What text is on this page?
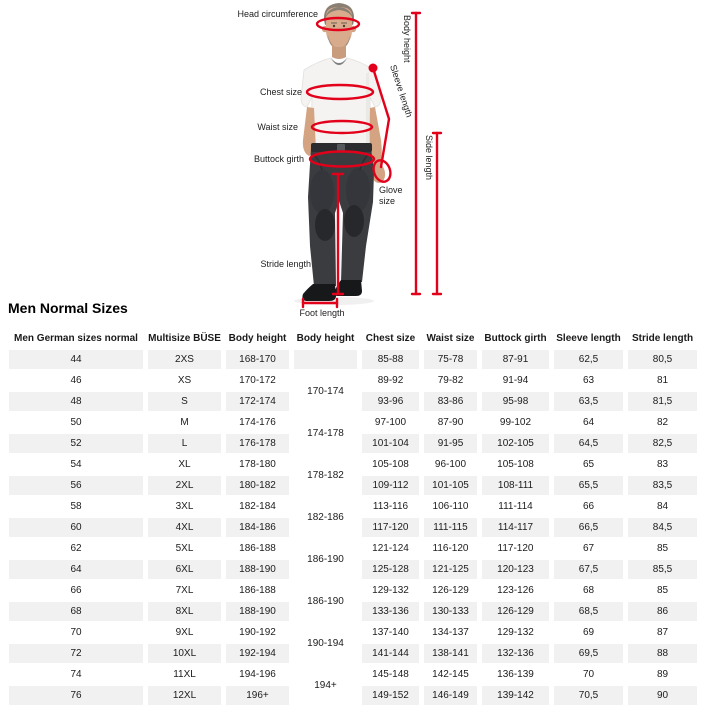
Head circumference
Chest size
Waist size
Buttock girth
Glove
size
Stride length
Foot length
Body height
Side length
Sleeve length
Men Normal Sizes
Men German sizes normal	Multisize BÜSE	Body height	Body height	Chest size	Waist size	Buttock girth	Sleeve length	Stride length
44	2XS	168-170		85-88	75-78	87-91	62,5	80,5
46	XS	170-172	170-174	89-92	79-82	91-94	63	81
48	S	172-174		93-96	83-86	95-98	63,5	81,5
50	M	174-176	174-178	97-100	87-90	99-102	64	82
52	L	176-178		101-104	91-95	102-105	64,5	82,5
54	XL	178-180	178-182	105-108	96-100	105-108	65	83
56	2XL	180-182		109-112	101-105	108-111	65,5	83,5
58	3XL	182-184	182-186	113-116	106-110	111-114	66	84
60	4XL	184-186		117-120	111-115	114-117	66,5	84,5
62	5XL	186-188	186-190	121-124	116-120	117-120	67	85
64	6XL	188-190		125-128	121-125	120-123	67,5	85,5
66	7XL	186-188	186-190	129-132	126-129	123-126	68	85
68	8XL	188-190		133-136	130-133	126-129	68,5	86
70	9XL	190-192	190-194	137-140	134-137	129-132	69	87
72	10XL	192-194		141-144	138-141	132-136	69,5	88
74	11XL	194-196	194+	145-148	142-145	136-139	70	89
76	12XL	196+		149-152	146-149	139-142	70,5	90
